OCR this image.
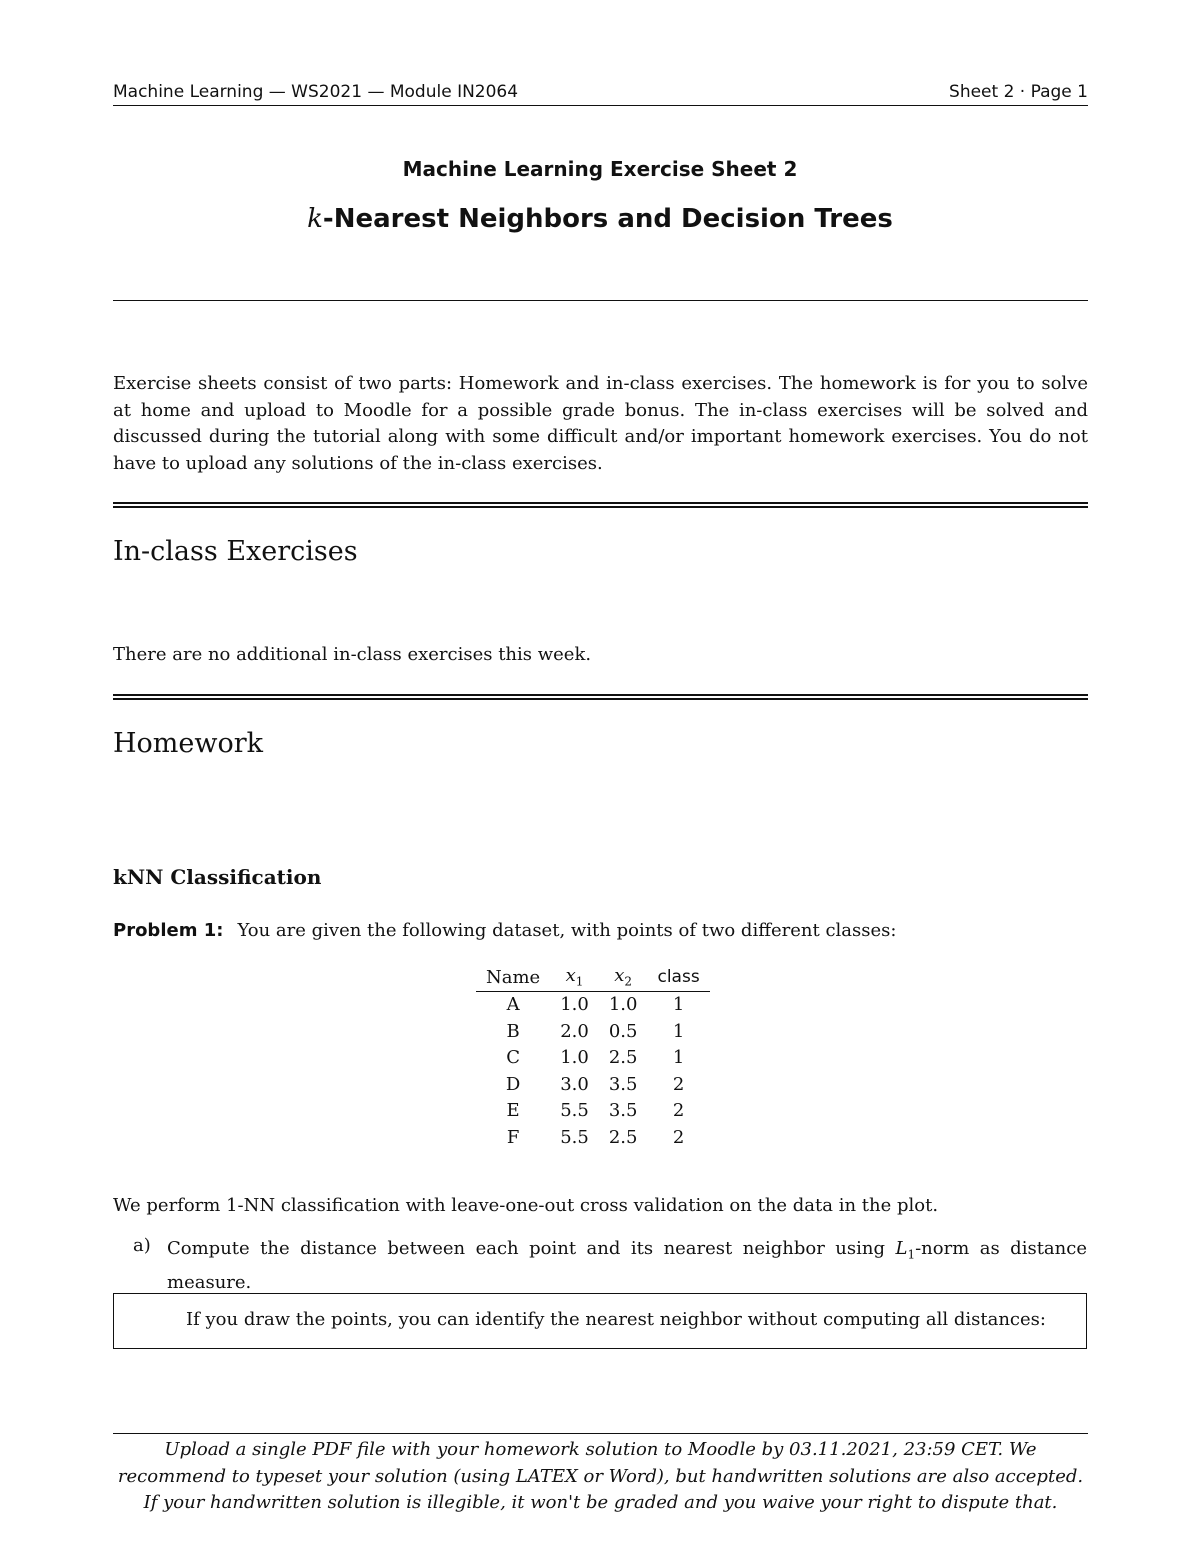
Machine Learning — WS2021 — Module IN2064	Sheet 2 · Page 1
Machine Learning Exercise Sheet 2
k-Nearest Neighbors and Decision Trees
Exercise sheets consist of two parts: Homework and in-class exercises. The homework is for you to solve at home and upload to Moodle for a possible grade bonus. The in-class exercises will be solved and discussed during the tutorial along with some difficult and/or important homework exercises. You do not have to upload any solutions of the in-class exercises.
In-class Exercises
There are no additional in-class exercises this week.
Homework
kNN Classification
Problem 1: You are given the following dataset, with points of two different classes:
Name	$x_1$	$x_2$	class
A	1.0	1.0	1
B	2.0	0.5	1
C	1.0	2.5	1
D	3.0	3.5	2
E	5.5	3.5	2
F	5.5	2.5	2
We perform 1-NN classification with leave-one-out cross validation on the data in the plot.
a) Compute the distance between each point and its nearest neighbor using $L_1$-norm as distance measure.
If you draw the points, you can identify the nearest neighbor without computing all distances:
Upload a single PDF file with your homework solution to Moodle by 03.11.2021, 23:59 CET. We
recommend to typeset your solution (using LATEX or Word), but handwritten solutions are also accepted.
If your handwritten solution is illegible, it won't be graded and you waive your right to dispute that.
